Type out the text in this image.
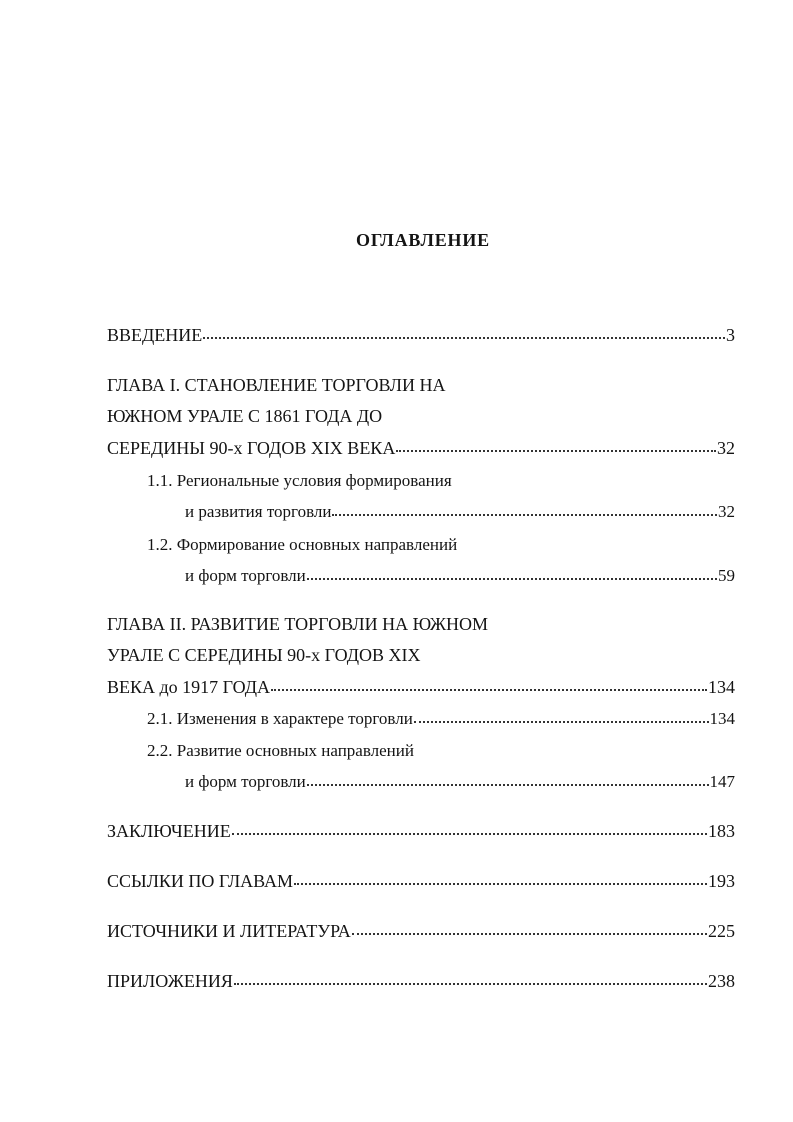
ОГЛАВЛЕНИЕ
ВВЕДЕНИЕ	3
ГЛАВА I. СТАНОВЛЕНИЕ ТОРГОВЛИ НА
ЮЖНОМ УРАЛЕ С 1861 ГОДА ДО
СЕРЕДИНЫ 90-х ГОДОВ XIX ВЕКА	32
1.1. Региональные условия формирования
и развития торговли	32
1.2. Формирование основных направлений
и форм торговли	59
ГЛАВА II. РАЗВИТИЕ ТОРГОВЛИ НА ЮЖНОМ
УРАЛЕ С СЕРЕДИНЫ 90-х ГОДОВ XIX
ВЕКА до 1917 ГОДА	134
2.1. Изменения в характере торговли	134
2.2. Развитие основных направлений
и форм торговли	147
ЗАКЛЮЧЕНИЕ	183
ССЫЛКИ ПО ГЛАВАМ	193
ИСТОЧНИКИ И ЛИТЕРАТУРА	225
ПРИЛОЖЕНИЯ	238
